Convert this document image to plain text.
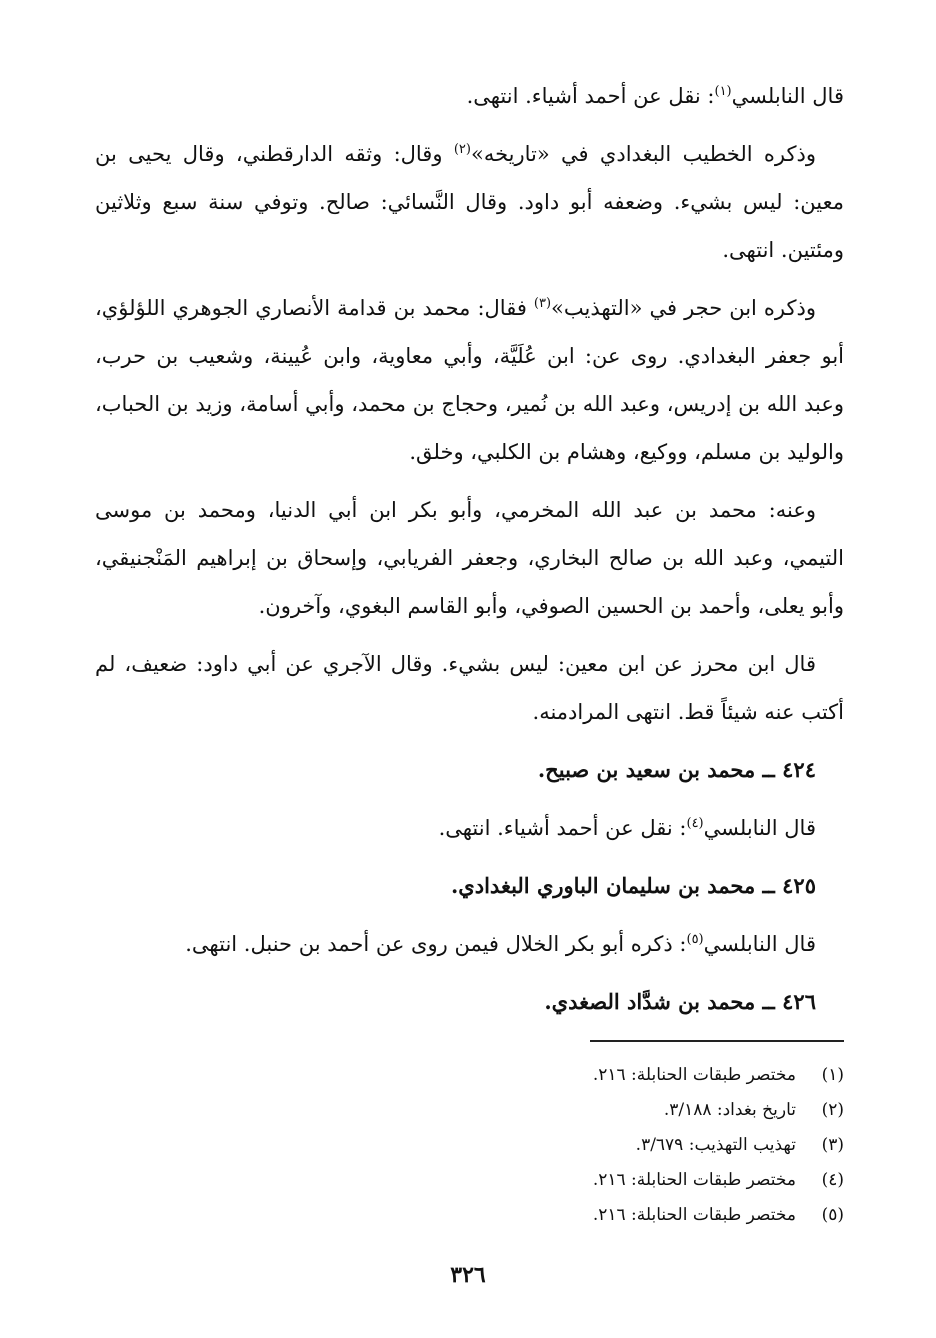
قال النابلسي$^{(١)}$: نقل عن أحمد أشياء. انتهى.

وذكره الخطيب البغدادي في «تاريخه»$^{(٢)}$ وقال: وثقه الدارقطني، وقال يحيى بن معين: ليس بشيء. وضعفه أبو داود. وقال النَّسائي: صالح. وتوفي سنة سبع وثلاثين ومئتين. انتهى.

وذكره ابن حجر في «التهذيب»$^{(٣)}$ فقال: محمد بن قدامة الأنصاري الجوهري اللؤلؤي، أبو جعفر البغدادي. روى عن: ابن عُلَيَّة، وأبي معاوية، وابن عُيينة، وشعيب بن حرب، وعبد الله بن إدريس، وعبد الله بن نُمير، وحجاج بن محمد، وأبي أسامة، وزيد بن الحباب، والوليد بن مسلم، ووكيع، وهشام بن الكلبي، وخلق.

وعنه: محمد بن عبد الله المخرمي، وأبو بكر ابن أبي الدنيا، ومحمد بن موسى التيمي، وعبد الله بن صالح البخاري، وجعفر الفريابي، وإسحاق بن إبراهيم المَنْجنيقي، وأبو يعلى، وأحمد بن الحسين الصوفي، وأبو القاسم البغوي، وآخرون.

قال ابن محرز عن ابن معين: ليس بشيء. وقال الآجري عن أبي داود: ضعيف، لم أكتب عنه شيئاً قط. انتهى المرادمنه.

٤٢٤ ــ محمد بن سعيد بن صبيح.

قال النابلسي$^{(٤)}$: نقل عن أحمد أشياء. انتهى.

٤٢٥ ــ محمد بن سليمان الباوري البغدادي.

قال النابلسي$^{(٥)}$: ذكره أبو بكر الخلال فيمن روى عن أحمد بن حنبل. انتهى.

٤٢٦ ــ محمد بن شدَّاد الصغدي.

(١)
مختصر طبقات الحنابلة: ٢١٦.
(٢)
تاريخ بغداد: ٣/١٨٨.
(٣)
تهذيب التهذيب: ٣/٦٧٩.
(٤)
مختصر طبقات الحنابلة: ٢١٦.
(٥)
مختصر طبقات الحنابلة: ٢١٦.
٣٢٦
